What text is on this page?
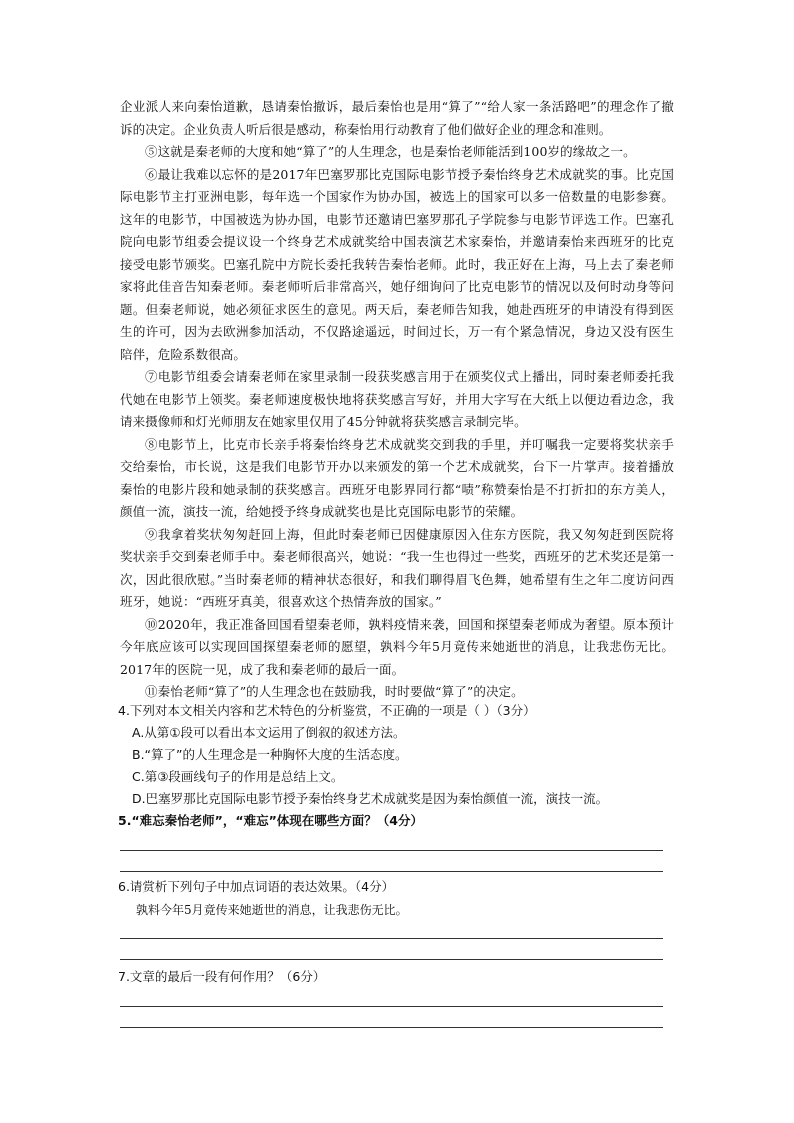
企业派人来向秦怡道歉，恳请秦怡撤诉，最后秦怡也是用“算了”“给人家一条活路吧”的理念作了撤诉的决定。企业负责人听后很是感动，称秦怡用行动教育了他们做好企业的理念和准则。

⑤这就是秦老师的大度和她“算了”的人生理念，也是秦怡老师能活到100岁的缘故之一。

⑥最让我难以忘怀的是2017年巴塞罗那比克国际电影节授予秦怡终身艺术成就奖的事。比克国际电影节主打亚洲电影，每年选一个国家作为协办国，被选上的国家可以多一倍数量的电影参赛。这年的电影节，中国被选为协办国，电影节还邀请巴塞罗那孔子学院参与电影节评选工作。巴塞孔院向电影节组委会提议设一个终身艺术成就奖给中国表演艺术家秦怡，并邀请秦怡来西班牙的比克接受电影节颁奖。巴塞孔院中方院长委托我转告秦怡老师。此时，我正好在上海，马上去了秦老师家将此佳音告知秦老师。秦老师听后非常高兴，她仔细询问了比克电影节的情况以及何时动身等问题。但秦老师说，她必须征求医生的意见。两天后，秦老师告知我，她赴西班牙的申请没有得到医生的许可，因为去欧洲参加活动，不仅路途遥远，时间过长，万一有个紧急情况，身边又没有医生陪伴，危险系数很高。

⑦电影节组委会请秦老师在家里录制一段获奖感言用于在颁奖仪式上播出，同时秦老师委托我代她在电影节上领奖。秦老师速度极快地将获奖感言写好，并用大字写在大纸上以便边看边念，我请来摄像师和灯光师朋友在她家里仅用了45分钟就将获奖感言录制完毕。

⑧电影节上，比克市长亲手将秦怡终身艺术成就奖交到我的手里，并叮嘱我一定要将奖状亲手交给秦怡，市长说，这是我们电影节开办以来颁发的第一个艺术成就奖，台下一片掌声。接着播放秦怡的电影片段和她录制的获奖感言。西班牙电影界同行都“啧”称赞秦怡是不打折扣的东方美人，颜值一流，演技一流，给她授予终身成就奖也是比克国际电影节的荣耀。

⑨我拿着奖状匆匆赶回上海，但此时秦老师已因健康原因入住东方医院，我又匆匆赶到医院将奖状亲手交到秦老师手中。秦老师很高兴，她说：“我一生也得过一些奖，西班牙的艺术奖还是第一次，因此很欣慰。”当时秦老师的精神状态很好，和我们聊得眉飞色舞，她希望有生之年二度访问西班牙，她说：“西班牙真美，很喜欢这个热情奔放的国家。”

⑩2020年，我正准备回国看望秦老师，孰料疫情来袭，回国和探望秦老师成为奢望。原本预计今年底应该可以实现回国探望秦老师的愿望，孰料今年5月竟传来她逝世的消息，让我悲伤无比。2017年的医院一见，成了我和秦老师的最后一面。

⑪秦怡老师“算了”的人生理念也在鼓励我，时时要做“算了”的决定。

4.下列对本文相关内容和艺术特色的分析鉴赏，不正确的一项是（ ）（3分）

A.从第①段可以看出本文运用了倒叙的叙述方法。

B.“算了”的人生理念是一种胸怀大度的生活态度。

C.第③段画线句子的作用是总结上文。

D.巴塞罗那比克国际电影节授予秦怡终身艺术成就奖是因为秦怡颜值一流，演技一流。

5.“难忘秦怡老师”，“难忘”体现在哪些方面？（4分）

6.请赏析下列句子中加点词语的表达效果。（4分）

孰料今年5月竟传来她逝世的消息，让我悲伤无比。

7.文章的最后一段有何作用？（6分）
